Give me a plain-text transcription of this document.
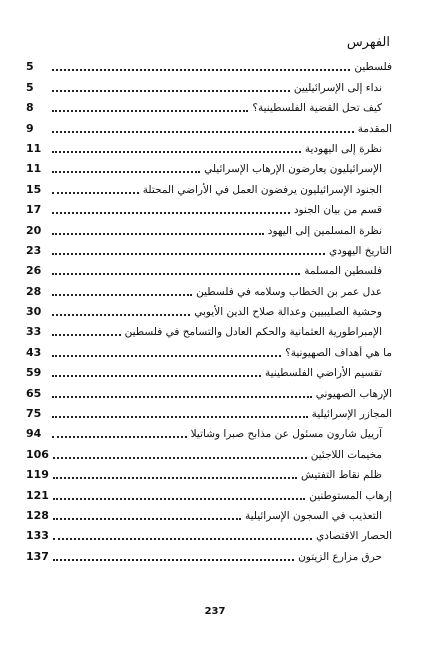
الفهرس
فلسطين
5
نداء إلى الإسرائيليين
5
كيف تحل القضية الفلسطينية؟
8
المقدمة
9
نظرة إلى اليهودية
11
الإسرائيليون يعارضون الإرهاب الإسرائيلي
11
الجنود الإسرائيليون يرفضون العمل في الأراضي المحتلة
15
قسم من بيان الجنود
17
نظرة المسلمين إلى اليهود
20
التاريخ اليهودي
23
فلسطين المسلمة
26
عدل عمر بن الخطاب وسلامه في فلسطين
28
وحشية الصليبيين وعدالة صلاح الدين الأيوبي
30
الإمبراطورية العثمانية والحكم العادل والتسامح في فلسطين
33
ما هي أهداف الصهيونية؟
43
تقسيم الأراضي الفلسطينية
59
الإرهاب الصهيوني
65
المجازر الإسرائيلية
75
آرييل شارون مسئول عن مذابح صبرا وشاتيلا
94
مخيمات اللاجئين
106
ظلم نقاط التفتيش
119
إرهاب المستوطنين
121
التعذيب في السجون الإسرائيلية
128
الحصار الاقتصادي
133
حرق مزارع الزيتون
137
237
